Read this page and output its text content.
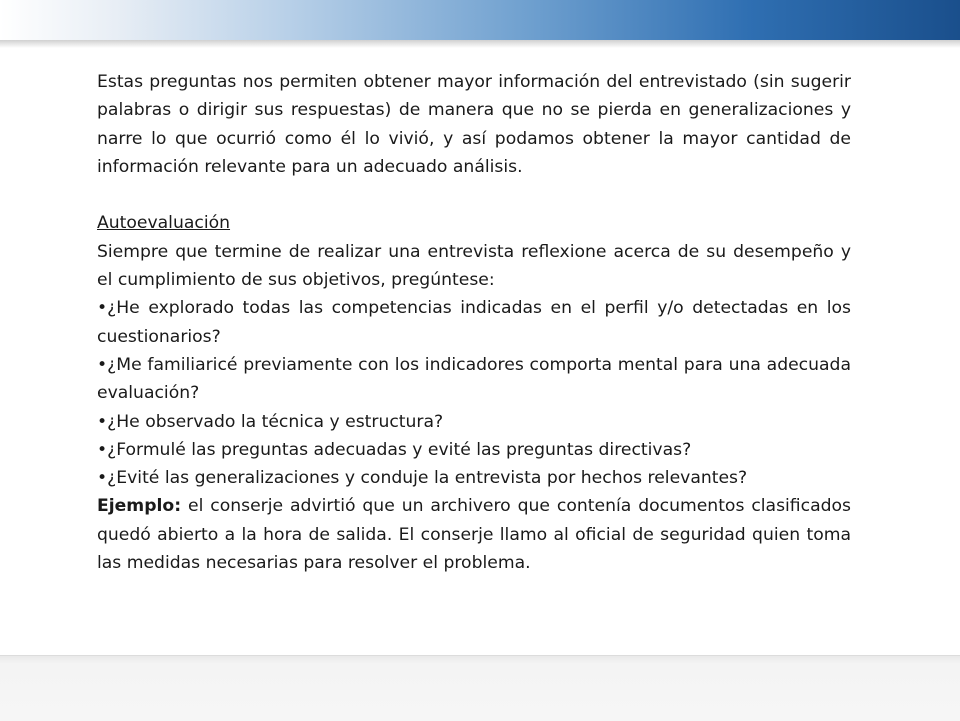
Estas preguntas nos permiten obtener mayor información del entrevistado (sin sugerir palabras o dirigir sus respuestas) de manera que no se pierda en generalizaciones y narre lo que ocurrió como él lo vivió, y así podamos obtener la mayor cantidad de información relevante para un adecuado análisis.

Autoevaluación

Siempre que termine de realizar una entrevista reflexione acerca de su desempeño y el cumplimiento de sus objetivos, pregúntese:

•¿He explorado todas las competencias indicadas en el perfil y/o detectadas en los cuestionarios?

•¿Me familiaricé previamente con los indicadores comporta mental para una adecuada evaluación?

•¿He observado la técnica y estructura?

•¿Formulé las preguntas adecuadas y evité las preguntas directivas?

•¿Evité las generalizaciones y conduje la entrevista por hechos relevantes?

Ejemplo: el conserje advirtió que un archivero que contenía documentos clasificados quedó abierto a la hora de salida. El conserje llamo al oficial de seguridad quien toma las medidas necesarias para resolver el problema.
